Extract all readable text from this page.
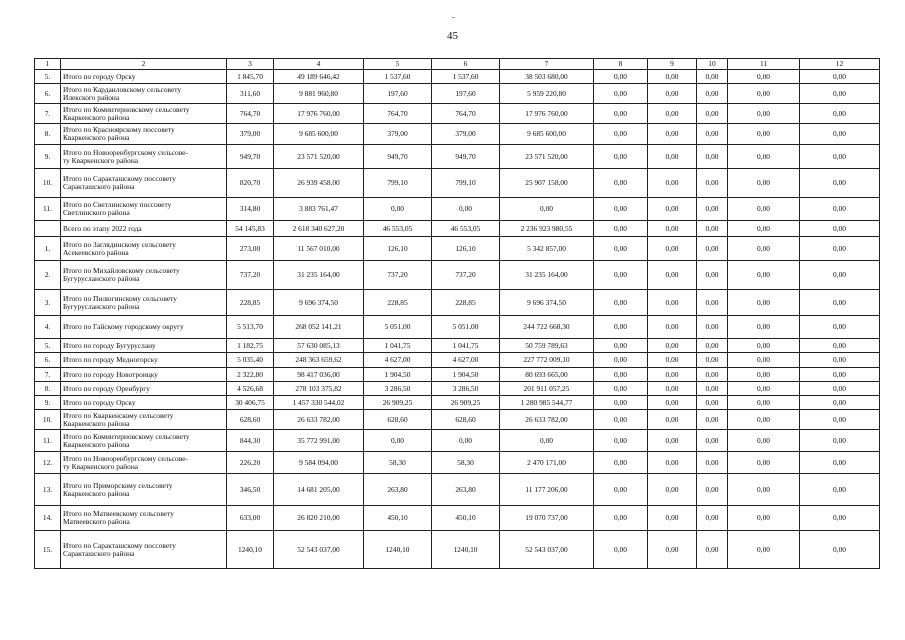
45
1	2	3	4	5	6	7	8	9	10	11	12
5.	Итого по городу Орску	1 845,70	49 189 646,42	1 537,60	1 537,60	38 503 680,00	0,00	0,00	0,00	0,00	0,00
6.	Итого по Кардаиловскому сельсовету
Илекского района	311,60	9 881 960,80	197,60	197,60	5 959 220,80	0,00	0,00	0,00	0,00	0,00
7.	Итого по Коминтерновскому сельсовету
Кваркенского района	764,70	17 976 760,00	764,70	764,70	17 976 760,00	0,00	0,00	0,00	0,00	0,00
8.	Итого по Красноярскому поссовету
Кваркенского района	379,00	9 685 600,00	379,00	379,00	9 685 600,00	0,00	0,00	0,00	0,00	0,00
9.	Итого по Новооренбургскому сельсове-
ту Кваркенского района	949,70	23 571 520,00	949,70	949,70	23 571 520,00	0,00	0,00	0,00	0,00	0,00
10.	Итого по Саракташскому поссовету
Саракташского района	820,70	26 939 458,00	799,10	799,10	25 907 158,00	0,00	0,00	0,00	0,00	0,00
11.	Итого по Светлинскому поссовету
Светлинского района	314,80	3 883 761,47	0,00	0,00	0,00	0,00	0,00	0,00	0,00	0,00
	Всего по этапу 2022 года	54 145,83	2 618 340 627,20	46 553,05	46 553,05	2 236 923 980,55	0,00	0,00	0,00	0,00	0,00
1.	Итого по Заглядинскому сельсовету
Асекеевского района	273,00	11 567 010,00	126,10	126,10	5 342 857,00	0,00	0,00	0,00	0,00	0,00
2.	Итого по Михайловскому сельсовету
Бугурусланского района	737,20	31 235 164,00	737,20	737,20	31 235 164,00	0,00	0,00	0,00	0,00	0,00
3.	Итого по Пилюгинскому сельсовету
Бугурусланского района	228,85	9 696 374,50	228,85	228,85	9 696 374,50	0,00	0,00	0,00	0,00	0,00
4.	Итого по Гайскому городскому округу	5 513,70	268 052 141,21	5 051,00	5 051,00	244 722 668,30	0,00	0,00	0,00	0,00	0,00
5.	Итого по городу Бугуруслану	1 182,75	57 630 085,13	1 041,75	1 041,75	50 759 789,63	0,00	0,00	0,00	0,00	0,00
6.	Итого по городу Медногорску	5 035,40	248 363 659,62	4 627,00	4 627,00	227 772 009,10	0,00	0,00	0,00	0,00	0,00
7.	Итого по городу Новотроицку	2 322,80	98 417 036,00	1 904,50	1 904,50	80 693 665,00	0,00	0,00	0,00	0,00	0,00
8.	Итого по городу Оренбургу	4 526,68	278 103 375,82	3 286,50	3 286,50	201 911 057,25	0,00	0,00	0,00	0,00	0,00
9.	Итого по городу Орску	30 406,75	1 457 330 544,02	26 909,25	26 909,25	1 280 985 544,77	0,00	0,00	0,00	0,00	0,00
10.	Итого по Кваркенскому сельсовету
Кваркенского района	628,60	26 633 782,00	628,60	628,60	26 633 782,00	0,00	0,00	0,00	0,00	0,00
11.	Итого по Коминтерновскому сельсовету
Кваркенского района	844,30	35 772 991,00	0,00	0,00	0,00	0,00	0,00	0,00	0,00	0,00
12.	Итого по Новооренбургскому сельсове-
ту Кваркенского района	226,20	9 584 094,00	58,30	58,30	2 470 171,00	0,00	0,00	0,00	0,00	0,00
13.	Итого по Приморскому сельсовету
Кваркенского района	346,50	14 681 205,00	263,80	263,80	11 177 206,00	0,00	0,00	0,00	0,00	0,00
14.	Итого по Матвеевскому сельсовету
Матвеевского района	633,00	26 820 210,00	450,10	450,10	19 070 737,00	0,00	0,00	0,00	0,00	0,00
15.	Итого по Саракташскому поссовету
Саракташского района	1240,10	52 543 037,00	1240,10	1240,10	52 543 037,00	0,00	0,00	0,00	0,00	0,00
